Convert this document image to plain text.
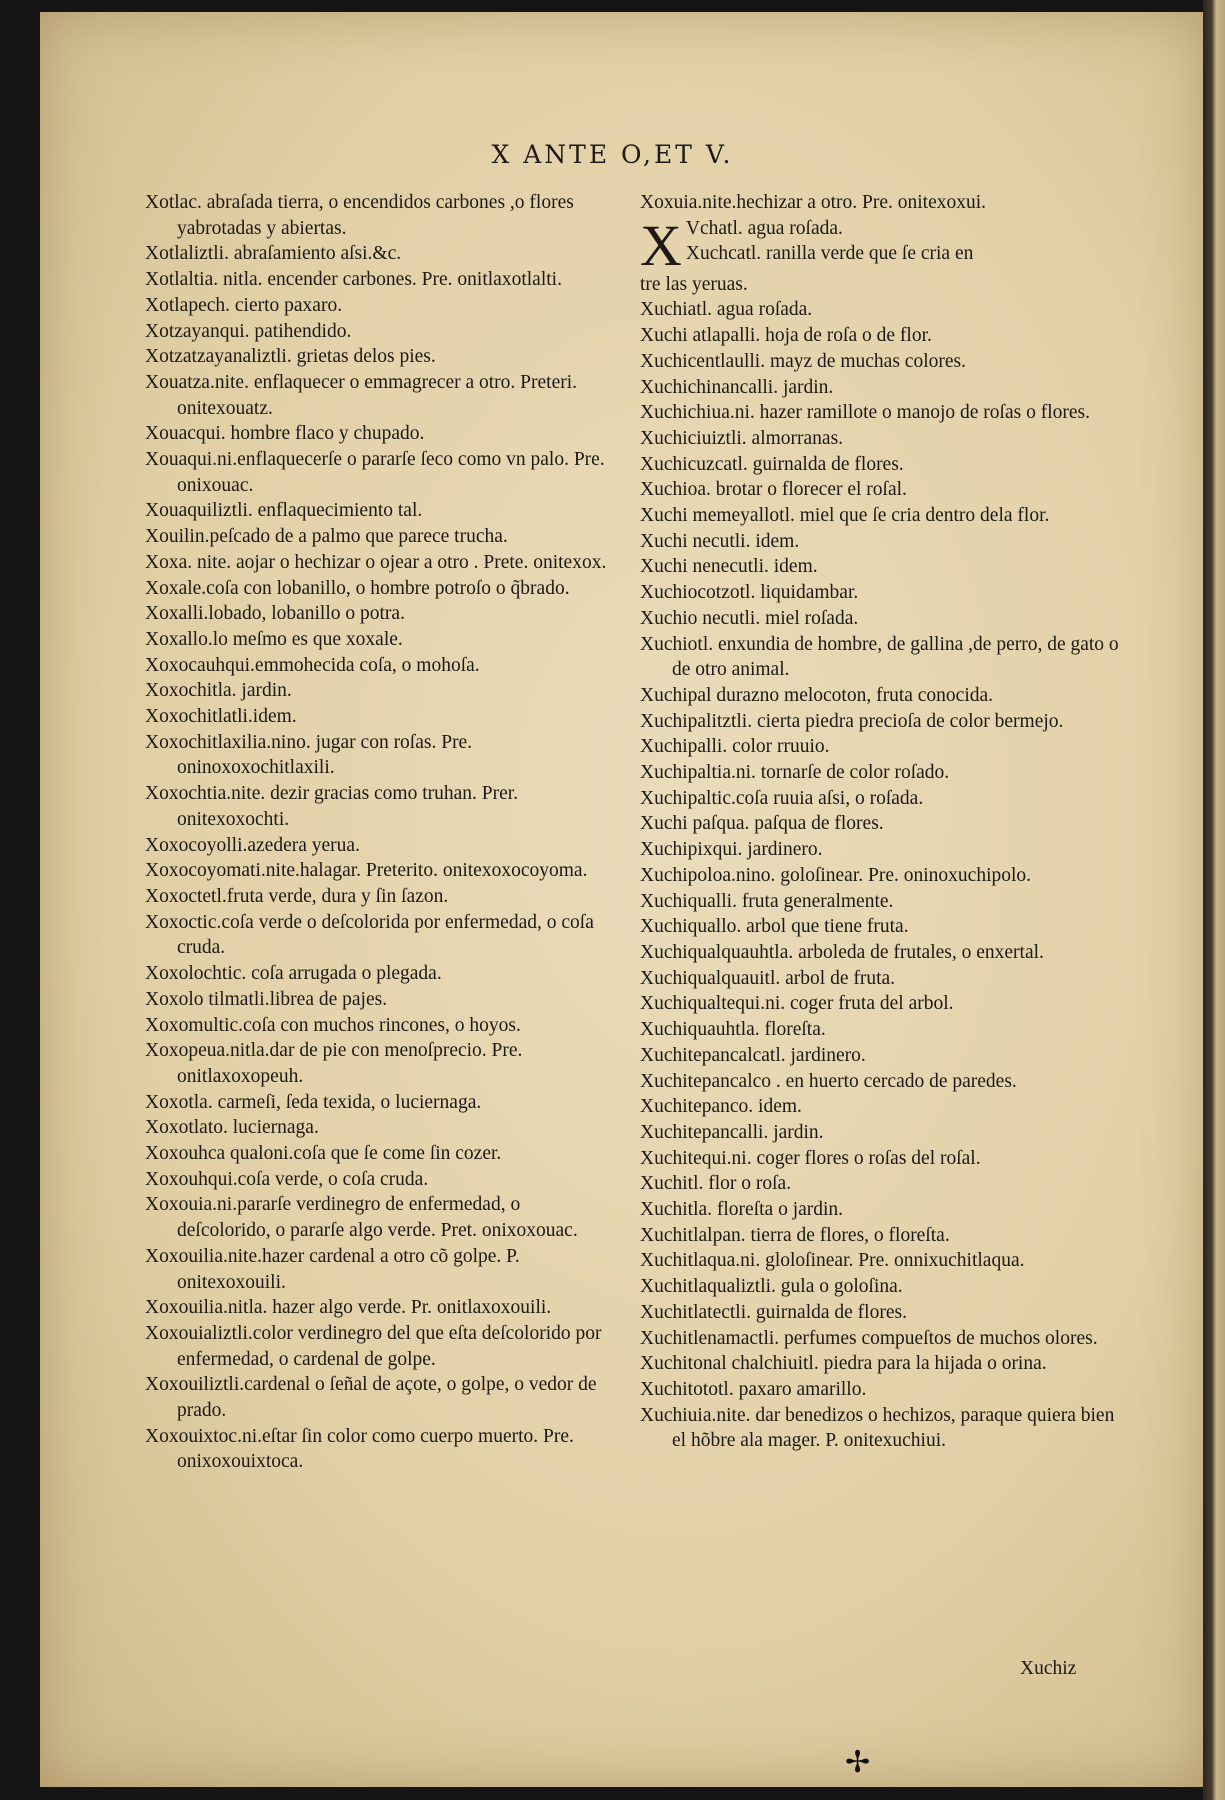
X ANTE O,ET V.
Xotlac. abraſada tierra, o encendidos carbones ,o flores yabrotadas y abiertas.
Xotlaliztli. abraſamiento aſsi.&c.
Xotlaltia. nitla. encender carbones. Pre. onitlaxotlalti.
Xotlapech. cierto paxaro.
Xotzayanqui. patihendido.
Xotzatzayanaliztli. grietas delos pies.
Xouatza.nite. enflaquecer o emmagrecer a otro. Preteri. onitexouatz.
Xouacqui. hombre flaco y chupado.
Xouaqui.ni.enflaquecerſe o pararſe ſeco como vn palo. Pre. onixouac.
Xouaquiliztli. enflaquecimiento tal.
Xouilin.peſcado de a palmo que parece trucha.
Xoxa. nite. aojar o hechizar o ojear a otro . Prete. onitexox.
Xoxale.coſa con lobanillo, o hombre potroſo o q̃brado.
Xoxalli.lobado, lobanillo o potra.
Xoxallo.lo meſmo es que xoxale.
Xoxocauhqui.emmohecida coſa, o mohoſa.
Xoxochitla. jardin.
Xoxochitlatli.idem.
Xoxochitlaxilia.nino. jugar con roſas. Pre. oninoxoxochitlaxili.
Xoxochtia.nite. dezir gracias como truhan. Prer. onitexoxochti.
Xoxocoyolli.azedera yerua.
Xoxocoyomati.nite.halagar. Preterito. onitexoxocoyoma.
Xoxoctetl.fruta verde, dura y ſin ſazon.
Xoxoctic.coſa verde o deſcolorida por enfermedad, o coſa cruda.
Xoxolochtic. coſa arrugada o plegada.
Xoxolo tilmatli.librea de pajes.
Xoxomultic.coſa con muchos rincones, o hoyos.
Xoxopeua.nitla.dar de pie con menoſprecio. Pre. onitlaxoxopeuh.
Xoxotla. carmeſi, ſeda texida, o luciernaga.
Xoxotlato. luciernaga.
Xoxouhca qualoni.coſa que ſe come ſin cozer.
Xoxouhqui.coſa verde, o coſa cruda.
Xoxouia.ni.pararſe verdinegro de enfermedad, o deſcolorido, o pararſe algo verde. Pret. onixoxouac.
Xoxouilia.nite.hazer cardenal a otro cõ golpe. P. onitexoxouili.
Xoxouilia.nitla. hazer algo verde. Pr. onitlaxoxouili.
Xoxouializtli.color verdinegro del que eſta deſcolorido por enfermedad, o cardenal de golpe.
Xoxouiliztli.cardenal o ſeñal de açote, o golpe, o vedor de prado.
Xoxouixtoc.ni.eſtar ſin color como cuerpo muerto. Pre. onixoxouixtoca.
Xoxuia.nite.hechizar a otro. Pre. onitexoxui.
X Vchatl. agua roſada.
Xuchcatl. ranilla verde que ſe cria en
tre las yeruas.
Xuchiatl. agua roſada.
Xuchi atlapalli. hoja de roſa o de flor.
Xuchicentlaulli. mayz de muchas colores.
Xuchichinancalli. jardin.
Xuchichiua.ni. hazer ramillote o manojo de roſas o flores.
Xuchiciuiztli. almorranas.
Xuchicuzcatl. guirnalda de flores.
Xuchioa. brotar o florecer el roſal.
Xuchi memeyallotl. miel que ſe cria dentro dela flor.
Xuchi necutli. idem.
Xuchi nenecutli. idem.
Xuchiocotzotl. liquidambar.
Xuchio necutli. miel roſada.
Xuchiotl. enxundia de hombre, de gallina ,de perro, de gato o de otro animal.
Xuchipal durazno melocoton, fruta conocida.
Xuchipalitztli. cierta piedra precioſa de color bermejo.
Xuchipalli. color rruuio.
Xuchipaltia.ni. tornarſe de color roſado.
Xuchipaltic.coſa ruuia aſsi, o roſada.
Xuchi paſqua. paſqua de flores.
Xuchipixqui. jardinero.
Xuchipoloa.nino. goloſinear. Pre. oninoxuchipolo.
Xuchiqualli. fruta generalmente.
Xuchiquallo. arbol que tiene fruta.
Xuchiqualquauhtla. arboleda de frutales, o enxertal.
Xuchiqualquauitl. arbol de fruta.
Xuchiqualtequi.ni. coger fruta del arbol.
Xuchiquauhtla. floreſta.
Xuchitepancalcatl. jardinero.
Xuchitepancalco . en huerto cercado de paredes.
Xuchitepanco. idem.
Xuchitepancalli. jardin.
Xuchitequi.ni. coger flores o roſas del roſal.
Xuchitl. flor o roſa.
Xuchitla. floreſta o jardin.
Xuchitlalpan. tierra de flores, o floreſta.
Xuchitlaqua.ni. gloloſinear. Pre. onnixuchitlaqua.
Xuchitlaqualiztli. gula o goloſina.
Xuchitlatectli. guirnalda de flores.
Xuchitlenamactli. perfumes compueſtos de muchos olores.
Xuchitonal chalchiuitl. piedra para la hijada o orina.
Xuchitototl. paxaro amarillo.
Xuchiuia.nite. dar benedizos o hechizos, paraque quiera bien el hõbre ala mager. P. onitexuchiui.
Xuchiz
✢
